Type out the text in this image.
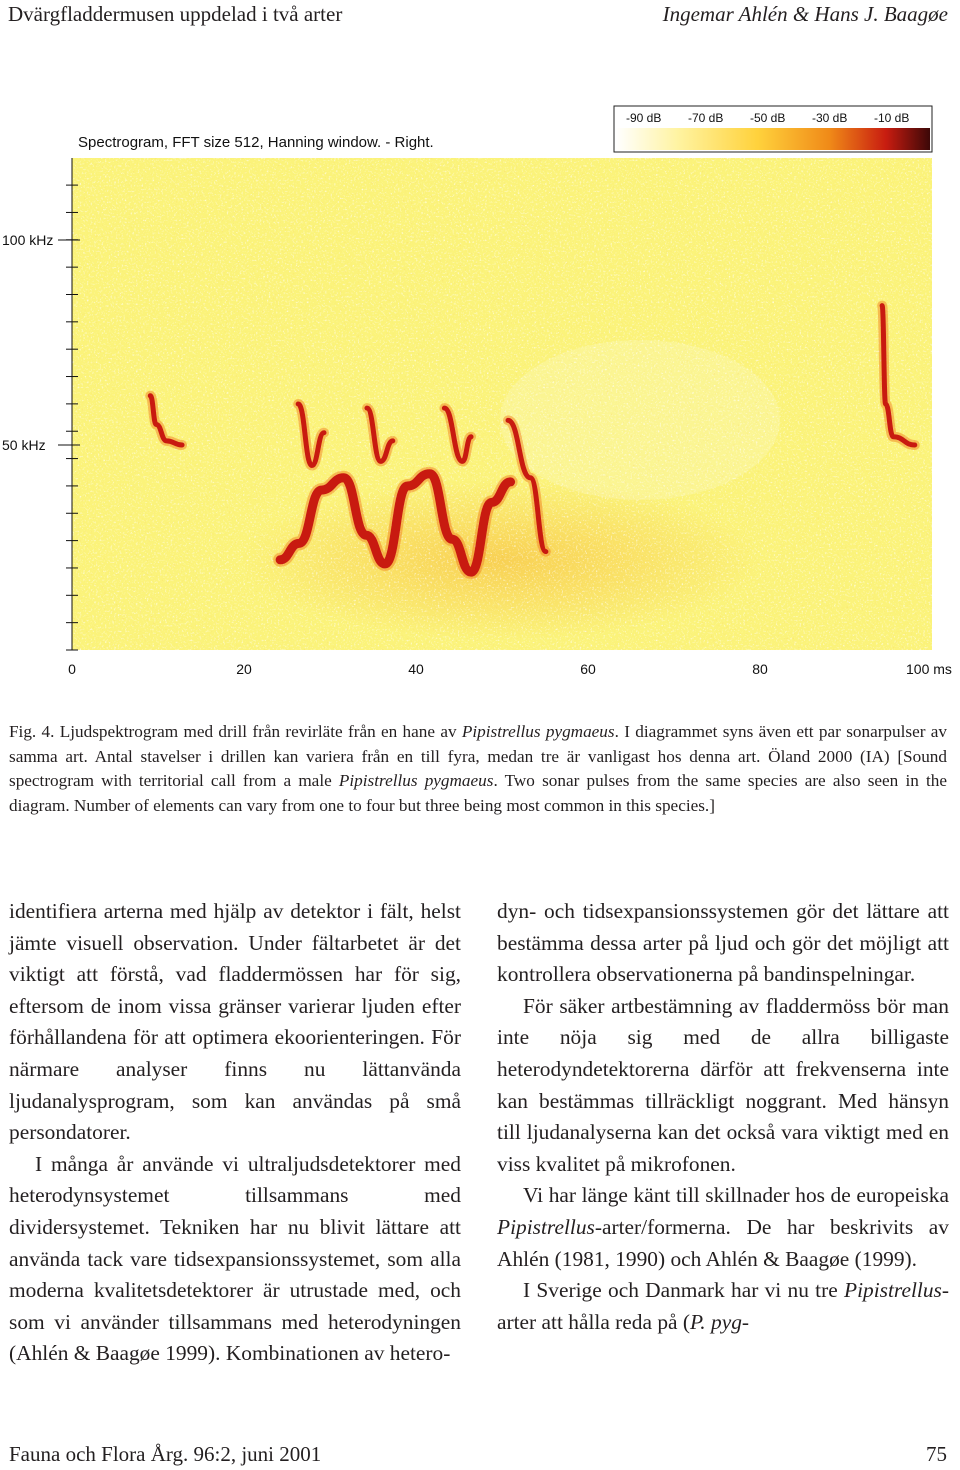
Dvärgfladdermusen uppdelad i två arter	Ingemar Ahlén & Hans J. Baagøe
Spectrogram, FFT size 512, Hanning window. - Right.
-90 dB -70 dB -50 dB -30 dB -10 dB
100 kHz
50 kHz
0	20	40	60	80	100 ms
Fig. 4. Ljudspektrogram med drill från revirläte från en hane av Pipistrellus pygmaeus. I diagrammet syns även ett par sonarpulser av samma art. Antal stavelser i drillen kan variera från en till fyra, medan tre är vanligast hos denna art. Öland 2000 (IA) [Sound spectrogram with territorial call from a male Pipistrellus pygmaeus. Two sonar pulses from the same species are also seen in the diagram. Number of elements can vary from one to four but three being most common in this species.]

identifiera arterna med hjälp av detektor i fält, helst jämte visuell observation. Under fältarbetet är det viktigt att förstå, vad fladdermössen har för sig, eftersom de inom vissa gränser varierar ljuden efter förhållandena för att optimera ekoorienteringen. För närmare analyser finns nu lättanvända ljudanalysprogram, som kan användas på små persondatorer.

I många år använde vi ultraljudsdetektorer med heterodynsystemet tillsammans med dividersystemet. Tekniken har nu blivit lättare att använda tack vare tidsexpansionssystemet, som alla moderna kvalitetsdetektorer är utrustade med, och som vi använder tillsammans med heterodyningen (Ahlén & Baagøe 1999). Kombinationen av hetero-

dyn- och tidsexpansionssystemen gör det lättare att bestämma dessa arter på ljud och gör det möjligt att kontrollera observationerna på bandinspelningar.

För säker artbestämning av fladdermöss bör man inte nöja sig med de allra billigaste heterodyndetektorerna därför att frekvenserna inte kan bestämmas tillräckligt noggrant. Med hänsyn till ljudanalyserna kan det också vara viktigt med en viss kvalitet på mikrofonen.

Vi har länge känt till skillnader hos de europeiska Pipistrellus-arter/formerna. De har beskrivits av Ahlén (1981, 1990) och Ahlén & Baagøe (1999).

I Sverige och Danmark har vi nu tre Pipistrellus-arter att hålla reda på (P. pyg-

Fauna och Flora Årg. 96:2, juni 2001	75
